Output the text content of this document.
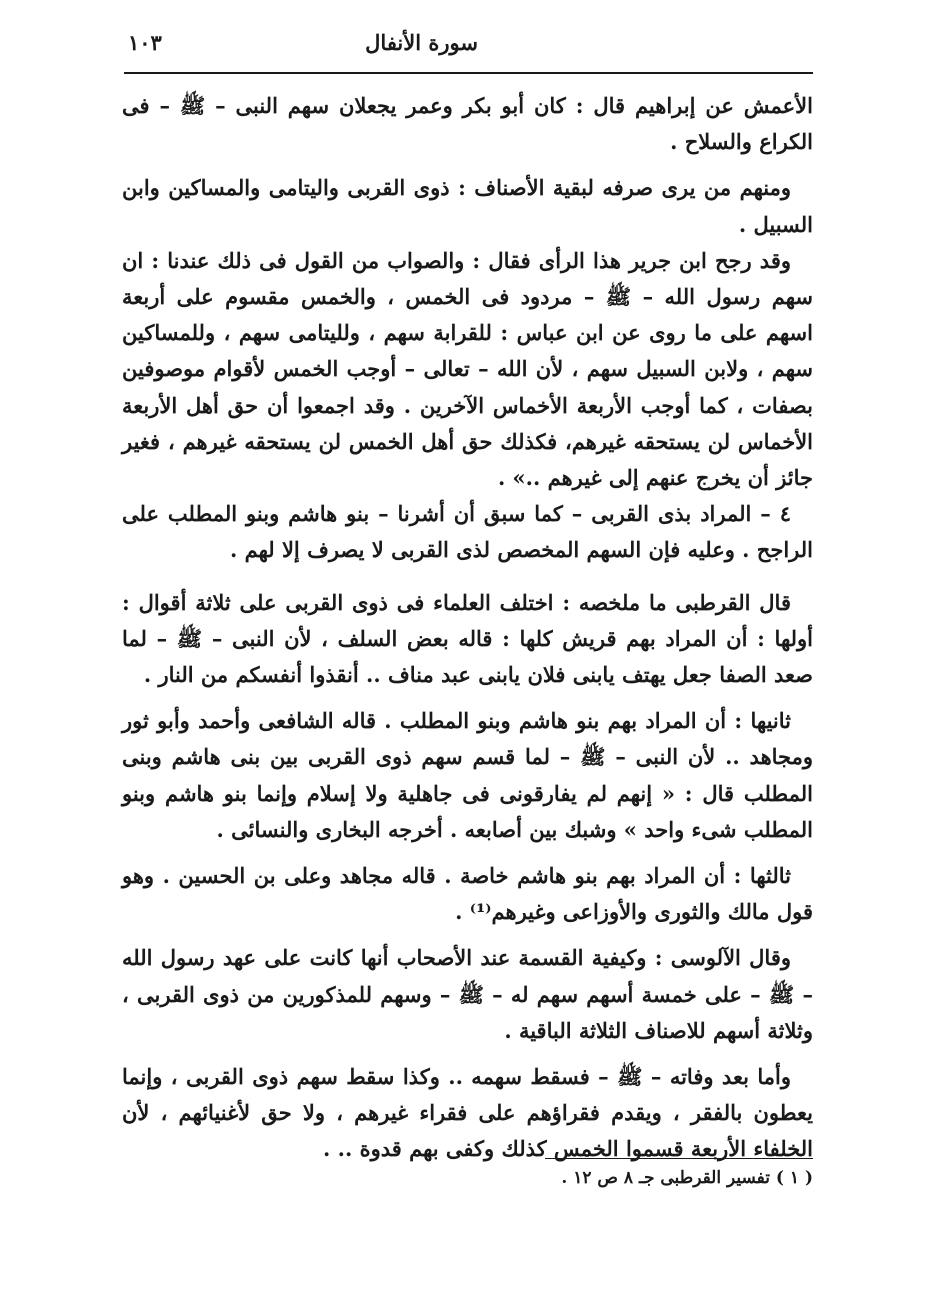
سورة الأنفال
١٠٣

الأعمش عن إبراهيم قال : كان أبو بكر وعمر يجعلان سهم النبى – ﷺ – فى الكراع والسلاح .

ومنهم من يرى صرفه لبقية الأصناف : ذوى القربى واليتامى والمساكين وابن السبيل .

وقد رجح ابن جرير هذا الرأى فقال : والصواب من القول فى ذلك عندنا : ان سهم رسول الله – ﷺ – مردود فى الخمس ، والخمس مقسوم على أربعة اسهم على ما روى عن ابن عباس : للقرابة سهم ، ولليتامى سهم ، وللمساكين سهم ، ولابن السبيل سهم ، لأن الله – تعالى – أوجب الخمس لأقوام موصوفين بصفات ، كما أوجب الأربعة الأخماس الآخرين . وقد اجمعوا أن حق أهل الأربعة الأخماس لن يستحقه غيرهم، فكذلك حق أهل الخمس لن يستحقه غيرهم ، فغير جائز أن يخرج عنهم إلى غيرهم ..» .

٤ – المراد بذى القربى – كما سبق أن أشرنا – بنو هاشم وبنو المطلب على الراجح . وعليه فإن السهم المخصص لذى القربى لا يصرف إلا لهم .

قال القرطبى ما ملخصه : اختلف العلماء فى ذوى القربى على ثلاثة أقوال : أولها : أن المراد بهم قريش كلها : قاله بعض السلف ، لأن النبى – ﷺ – لما صعد الصفا جعل يهتف يابنى فلان يابنى عبد مناف .. أنقذوا أنفسكم من النار .

ثانيها : أن المراد بهم بنو هاشم وبنو المطلب . قاله الشافعى وأحمد وأبو ثور ومجاهد .. لأن النبى – ﷺ – لما قسم سهم ذوى القربى بين بنى هاشم وبنى المطلب قال : « إنهم لم يفارقونى فى جاهلية ولا إسلام وإنما بنو هاشم وبنو المطلب شىء واحد » وشبك بين أصابعه . أخرجه البخارى والنسائى .

ثالثها : أن المراد بهم بنو هاشم خاصة . قاله مجاهد وعلى بن الحسين . وهو قول مالك والثورى والأوزاعى وغيرهم⁽¹⁾ .

وقال الآلوسى : وكيفية القسمة عند الأصحاب أنها كانت على عهد رسول الله – ﷺ – على خمسة أسهم سهم له – ﷺ – وسهم للمذكورين من ذوى القربى ، وثلاثة أسهم للاصناف الثلاثة الباقية .

وأما بعد وفاته – ﷺ – فسقط سهمه .. وكذا سقط سهم ذوى القربى ، وإنما يعطون بالفقر ، ويقدم فقراؤهم على فقراء غيرهم ، ولا حق لأغنيائهم ، لأن الخلفاء الأربعة قسموا الخمس كذلك وكفى بهم قدوة .. .

( ١ ) تفسير القرطبى جـ ٨ ص ١٢ .
